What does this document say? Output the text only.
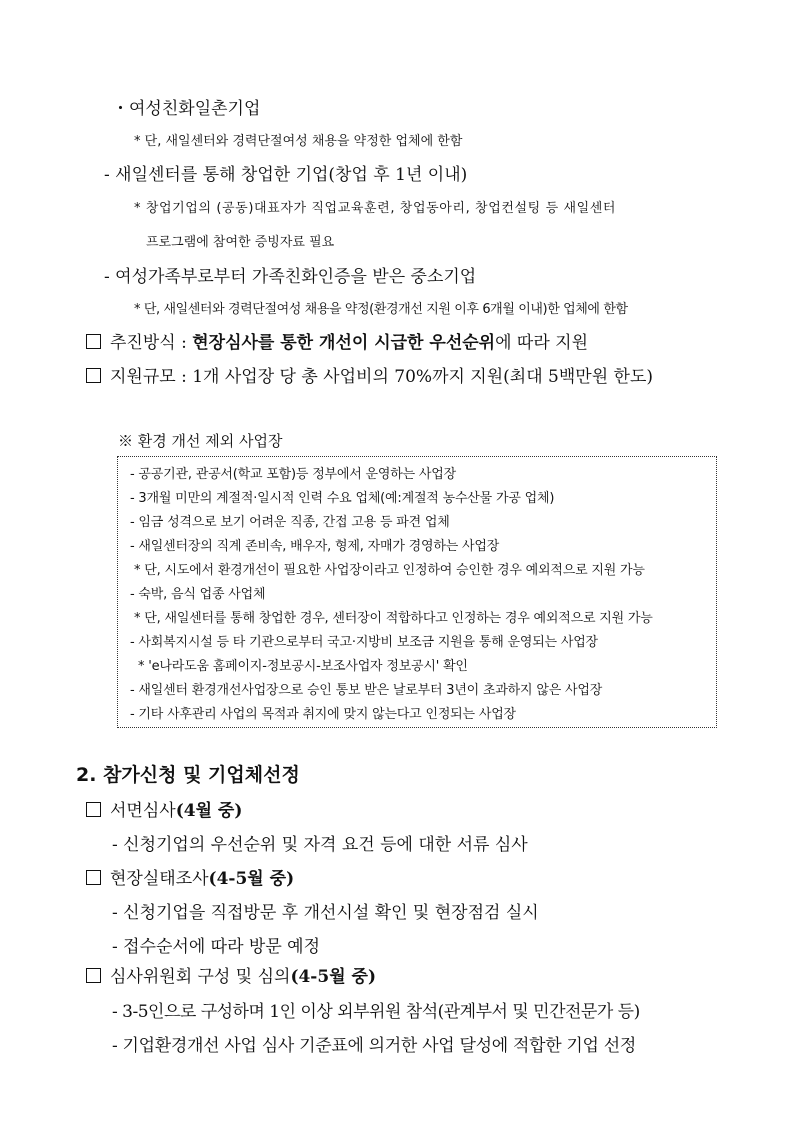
・여성친화일촌기업
* 단, 새일센터와 경력단절여성 채용을 약정한 업체에 한함
- 새일센터를 통해 창업한 기업(창업 후 1년 이내)
* 창업기업의 (공동)대표자가 직업교육훈련, 창업동아리, 창업컨설팅 등 새일센터
프로그램에 참여한 증빙자료 필요
- 여성가족부로부터 가족친화인증을 받은 중소기업
* 단, 새일센터와 경력단절여성 채용을 약정(환경개선 지원 이후 6개월 이내)한 업체에 한함
추진방식 : 현장심사를 통한 개선이 시급한 우선순위에 따라 지원
지원규모 : 1개 사업장 당 총 사업비의 70%까지 지원(최대 5백만원 한도)
※ 환경 개선 제외 사업장
- 공공기관, 관공서(학교 포함)등 정부에서 운영하는 사업장
- 3개월 미만의 계절적·일시적 인력 수요 업체(예:계절적 농수산물 가공 업체)
- 임금 성격으로 보기 어려운 직종, 간접 고용 등 파견 업체
- 새일센터장의 직계 존비속, 배우자, 형제, 자매가 경영하는 사업장
* 단, 시도에서 환경개선이 필요한 사업장이라고 인정하여 승인한 경우 예외적으로 지원 가능
- 숙박, 음식 업종 사업체
* 단, 새일센터를 통해 창업한 경우, 센터장이 적합하다고 인정하는 경우 예외적으로 지원 가능
- 사회복지시설 등 타 기관으로부터 국고·지방비 보조금 지원을 통해 운영되는 사업장
* 'e나라도움 홈페이지-정보공시-보조사업자 정보공시' 확인
- 새일센터 환경개선사업장으로 승인 통보 받은 날로부터 3년이 초과하지 않은 사업장
- 기타 사후관리 사업의 목적과 취지에 맞지 않는다고 인정되는 사업장
2. 참가신청 및 기업체선정
서면심사(4월 중)
- 신청기업의 우선순위 및 자격 요건 등에 대한 서류 심사
현장실태조사(4-5월 중)
- 신청기업을 직접방문 후 개선시설 확인 및 현장점검 실시
- 접수순서에 따라 방문 예정
심사위원회 구성 및 심의(4-5월 중)
- 3-5인으로 구성하며 1인 이상 외부위원 참석(관계부서 및 민간전문가 등)
- 기업환경개선 사업 심사 기준표에 의거한 사업 달성에 적합한 기업 선정
